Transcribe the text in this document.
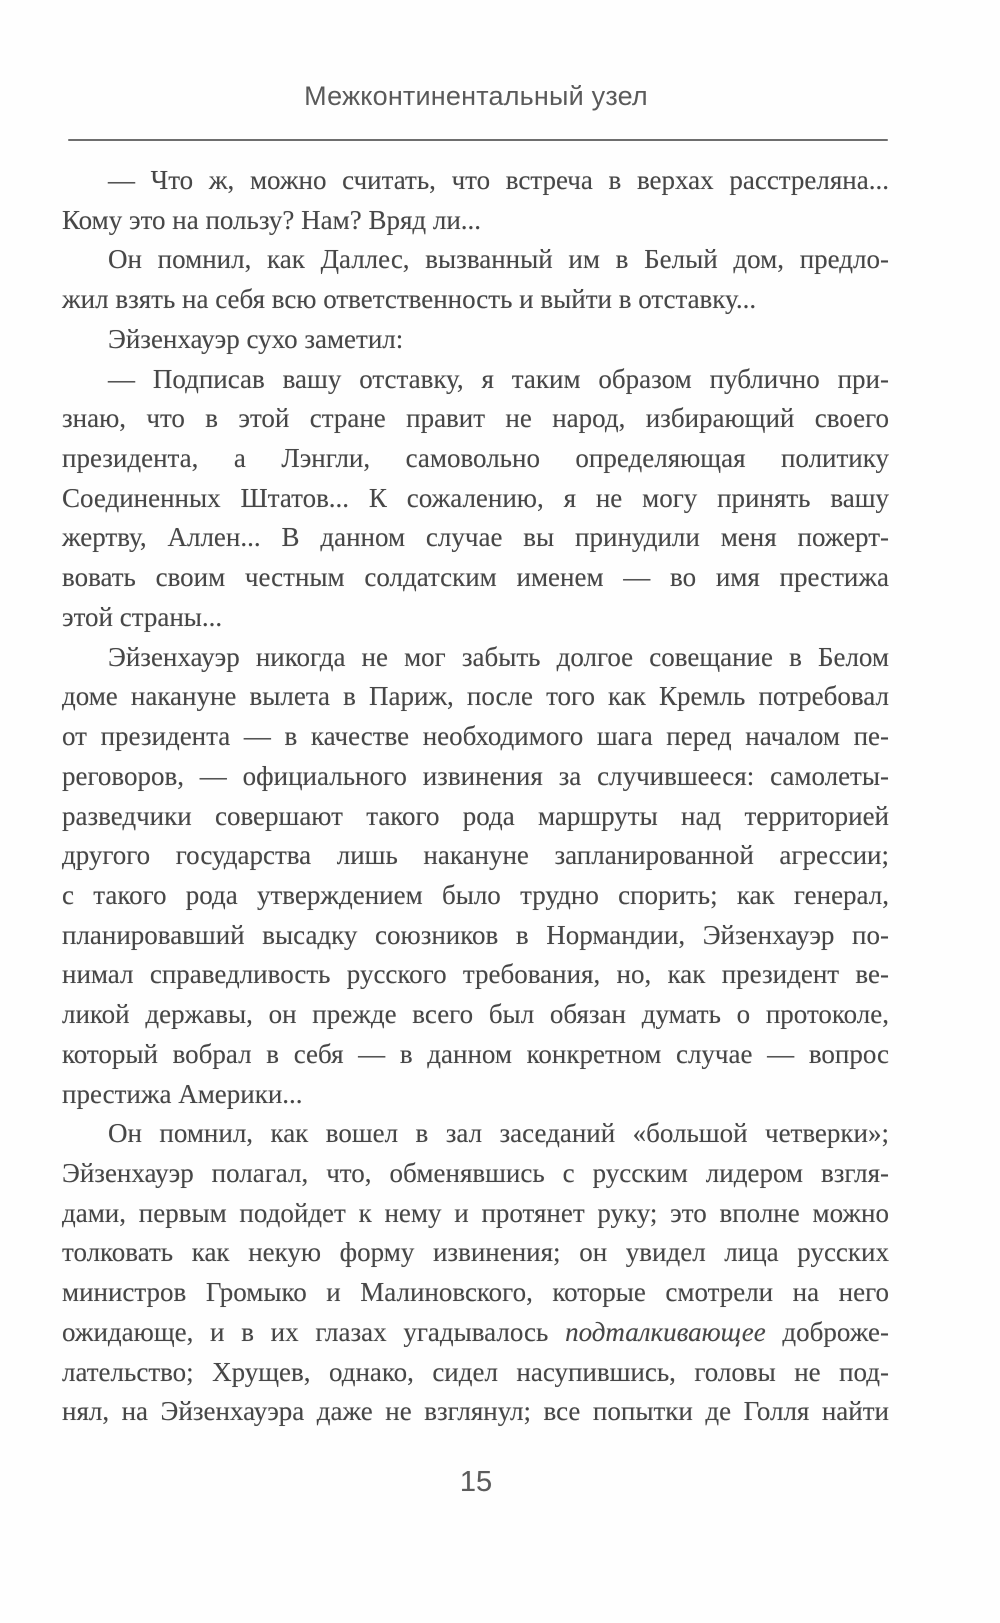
Межконтинентальный узел
— Что ж, можно считать, что встреча в верхах расстреляна...
Кому это на пользу? Нам? Вряд ли...
Он помнил, как Даллес, вызванный им в Белый дом, предло-
жил взять на себя всю ответственность и выйти в отставку...
Эйзенхауэр сухо заметил:
— Подписав вашу отставку, я таким образом публично при-
знаю, что в этой стране правит не народ, избирающий своего
президента, а Лэнгли, самовольно определяющая политику
Соединенных Штатов... К сожалению, я не могу принять вашу
жертву, Аллен... В данном случае вы принудили меня пожерт-
вовать своим честным солдатским именем — во имя престижа
этой страны...
Эйзенхауэр никогда не мог забыть долгое совещание в Белом
доме накануне вылета в Париж, после того как Кремль потребовал
от президента — в качестве необходимого шага перед началом пе-
реговоров, — официального извинения за случившееся: самолеты-
разведчики совершают такого рода маршруты над территорией
другого государства лишь накануне запланированной агрессии;
с такого рода утверждением было трудно спорить; как генерал,
планировавший высадку союзников в Нормандии, Эйзенхауэр по-
нимал справедливость русского требования, но, как президент ве-
ликой державы, он прежде всего был обязан думать о протоколе,
который вобрал в себя — в данном конкретном случае — вопрос
престижа Америки...
Он помнил, как вошел в зал заседаний «большой четверки»;
Эйзенхауэр полагал, что, обменявшись с русским лидером взгля-
дами, первым подойдет к нему и протянет руку; это вполне можно
толковать как некую форму извинения; он увидел лица русских
министров Громыко и Малиновского, которые смотрели на него
ожидающе, и в их глазах угадывалось подталкивающее доброже-
лательство; Хрущев, однако, сидел насупившись, головы не под-
нял, на Эйзенхауэра даже не взглянул; все попытки де Голля найти
15
